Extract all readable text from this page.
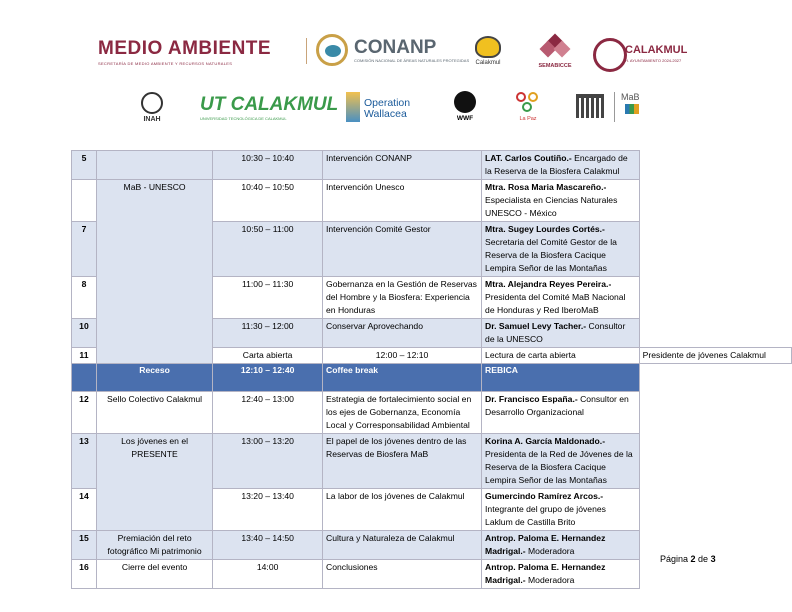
MEDIO AMBIENTE
SECRETARÍA DE MEDIO AMBIENTE Y RECURSOS NATURALES
CONANP
COMISIÓN NACIONAL DE ÁREAS NATURALES PROTEGIDAS	Calakmul	SEMABICCE
CALAKMUL
H. AYUNTAMIENTO 2024-2027
INAH
UT CALAKMUL
UNIVERSIDAD TECNOLÓGICA DE CALAKMUL
Operation Wallacea	WWF	La Paz
MaB
5		10:30 – 10:40	Intervención CONANP	LAT. Carlos Coutiño.- Encargado de la Reserva de la Biosfera Calakmul	
	MaB - UNESCO	10:40 – 10:50	Intervención Unesco	Mtra. Rosa Maria Mascareño.- Especialista en Ciencias Naturales UNESCO - México	
7		10:50 – 11:00	Intervención Comité Gestor	Mtra. Sugey Lourdes Cortés.- Secretaria del Comité Gestor de la Reserva de la Biosfera Cacique Lempira Señor de las Montañas	
8		11:00 – 11:30	Gobernanza en la Gestión de Reservas del Hombre y la Biosfera: Experiencia en Honduras	Mtra. Alejandra Reyes Pereira.- Presidenta del Comité MaB Nacional de Honduras y Red IberoMaB	
10		11:30 – 12:00	Conservar Aprovechando	Dr. Samuel Levy Tacher.- Consultor de la UNESCO	
11		Carta abierta	12:00 – 12:10	Lectura de carta abierta	Presidente de jóvenes Calakmul
	Receso	12:10 – 12:40	Coffee break	REBICA	
12	Sello Colectivo Calakmul	12:40 – 13:00	Estrategia de fortalecimiento social en los ejes de Gobernanza, Economía Local y Corresponsabilidad Ambiental	Dr. Francisco España.- Consultor en Desarrollo Organizacional	
13	Los jóvenes en el PRESENTE	13:00 – 13:20	El papel de los jóvenes dentro de las Reservas de Biosfera MaB	Korina A. García Maldonado.- Presidenta de la Red de Jóvenes de la Reserva de la Biosfera Cacique Lempira Señor de las Montañas	
14		13:20 – 13:40	La labor de los jóvenes de Calakmul	Gumercindo Ramírez Arcos.- Integrante del grupo de jóvenes Laklum de Castilla Brito	
15	Premiación del reto fotográfico Mi patrimonio	13:40 – 14:50	Cultura y Naturaleza de Calakmul	Antrop. Paloma E. Hernandez Madrigal.- Moderadora	
16	Cierre del evento	14:00	Conclusiones	Antrop. Paloma E. Hernandez Madrigal.- Moderadora	
Página 2 de 3
